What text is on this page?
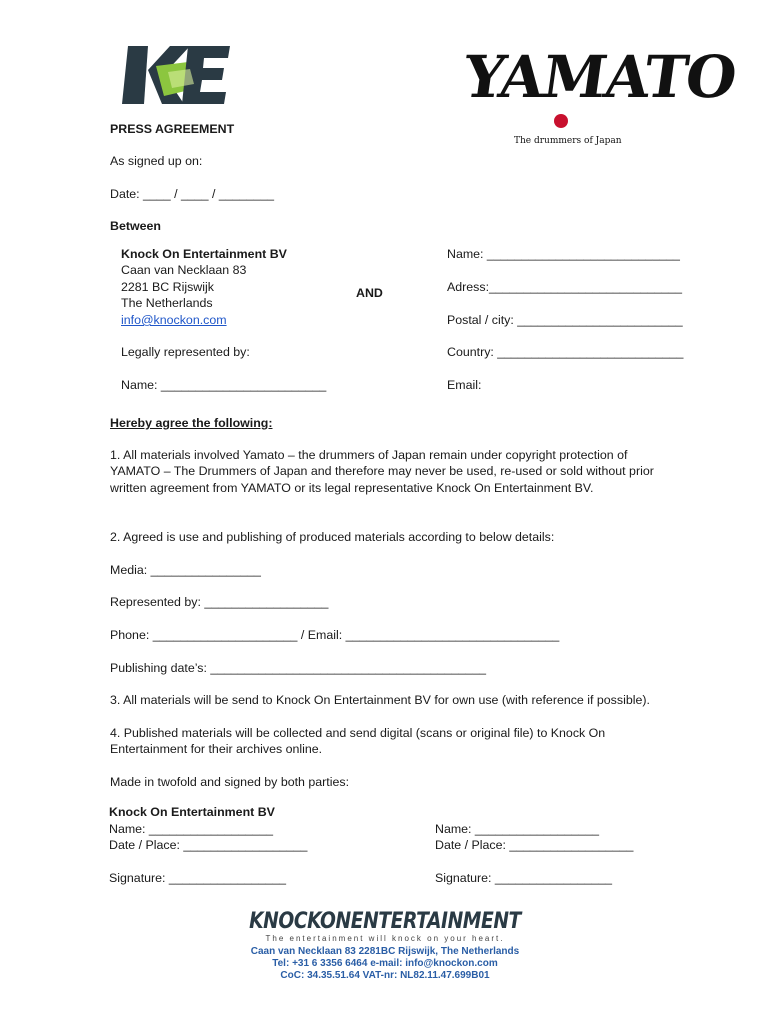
YAMATO
The drummers of Japan
PRESS AGREEMENT
As signed up on:
Date: ____ / ____ / ________
Between
Knock On Entertainment BV
Caan van Necklaan 83
2281 BC Rijswijk
The Netherlands
info@knockon.com
Legally represented by:
Name: ________________________
AND
Name: ____________________________
Adress:____________________________
Postal / city: ________________________
Country: ___________________________
Email:
Hereby agree the following:
1. All materials involved Yamato – the drummers of Japan remain under copyright protection of YAMATO – The Drummers of Japan and therefore may never be used, re-used or sold without prior written agreement from YAMATO or its legal representative Knock On Entertainment BV.
2. Agreed is use and publishing of produced materials according to below details:
Media: ________________
Represented by: __________________
Phone: _____________________ / Email: _______________________________
Publishing date’s: ________________________________________
3. All materials will be send to Knock On Entertainment BV for own use (with reference if possible).
4. Published materials will be collected and send digital (scans or original file) to Knock On Entertainment for their archives online.
Made in twofold and signed by both parties:
Knock On Entertainment BV
Name: __________________
Date / Place: __________________
Signature: _________________
Name: __________________
Date / Place: __________________
Signature: _________________
KNOCKONENTERTAINMENT
The entertainment will knock on your heart.
Caan van Necklaan 83 2281BC Rijswijk, The Netherlands
Tel: +31 6 3356 6464 e-mail: info@knockon.com
CoC: 34.35.51.64 VAT-nr: NL82.11.47.699B01
